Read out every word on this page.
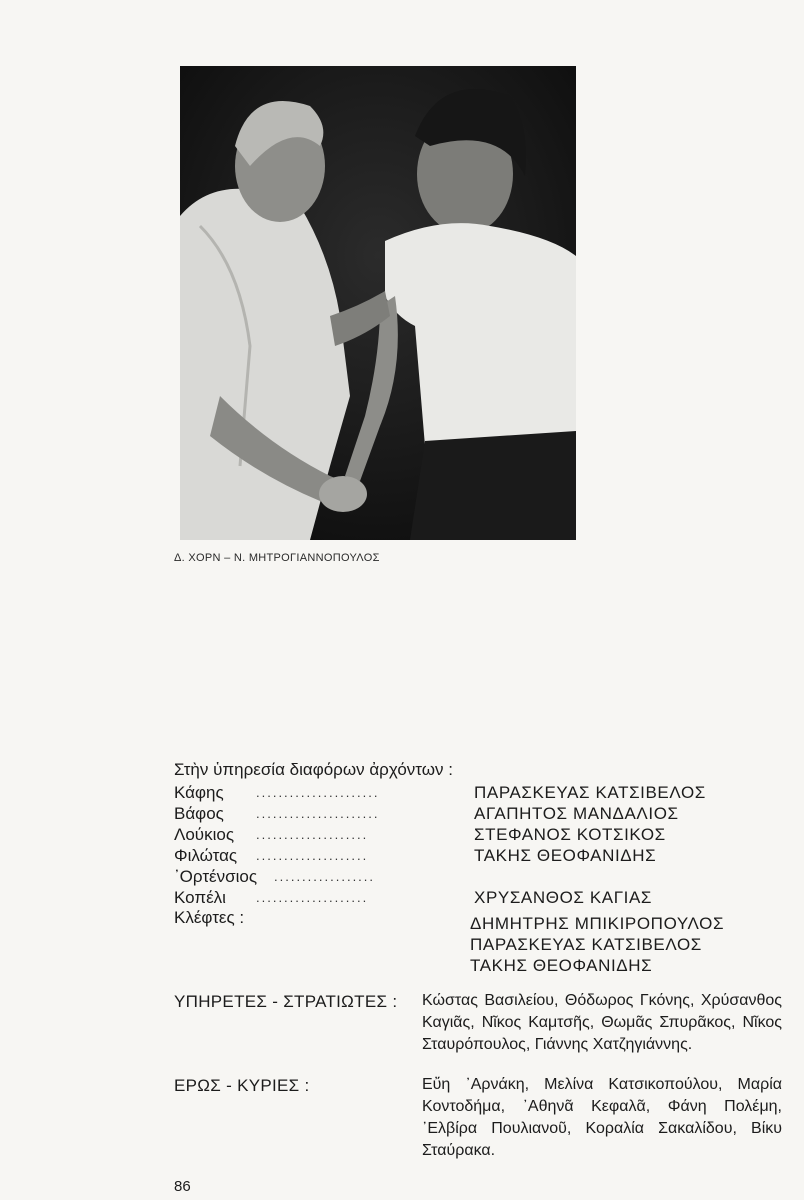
Δ. ΧΟΡΝ – Ν. ΜΗΤΡΟΓΙΑΝΝΟΠΟΥΛΟΣ
Στὴν ὑπηρεσία διαφόρων ἀρχόντων :
Κάφης ......................	ΠΑΡΑΣΚΕΥΑΣ ΚΑΤΣΙΒΕΛΟΣ
Βάφος ......................	ΑΓΑΠΗΤΟΣ ΜΑΝΔΑΛΙΟΣ
Λούκιος ....................	ΣΤΕΦΑΝΟΣ ΚΟΤΣΙΚΟΣ
Φιλώτας ....................	ΤΑΚΗΣ ΘΕΟΦΑΝΙΔΗΣ
᾿Ορτένσιος ..................
Κοπέλι ....................	ΧΡΥΣΑΝΘΟΣ ΚΑΓΙΑΣ
Κλέφτες :	ΔΗΜΗΤΡΗΣ ΜΠΙΚΙΡΟΠΟΥΛΟΣ
ΠΑΡΑΣΚΕΥΑΣ ΚΑΤΣΙΒΕΛΟΣ
ΤΑΚΗΣ ΘΕΟΦΑΝΙΔΗΣ
ΥΠΗΡΕΤΕΣ - ΣΤΡΑΤΙΩΤΕΣ : Κώστας Βασιλείου, Θόδωρος Γκόνης, Χρύσανθος Καγιᾶς, Νῖκος Καμτσῆς, Θωμᾶς Σπυρᾶκος, Νῖκος Σταυρόπουλος, Γιάννης Χατζηγιάννης.
ΕΡΩΣ - ΚΥΡΙΕΣ :	Εὔη ᾿Αρνάκη, Μελίνα Κατσικοπούλου, Μαρία Κοντοδήμα, ᾿Αθηνᾶ Κεφαλᾶ, Φάνη Πολέμη, ᾿Ελβίρα Πουλιανοῦ, Κοραλία Σακαλίδου, Βίκυ Σταύρακα.
86
